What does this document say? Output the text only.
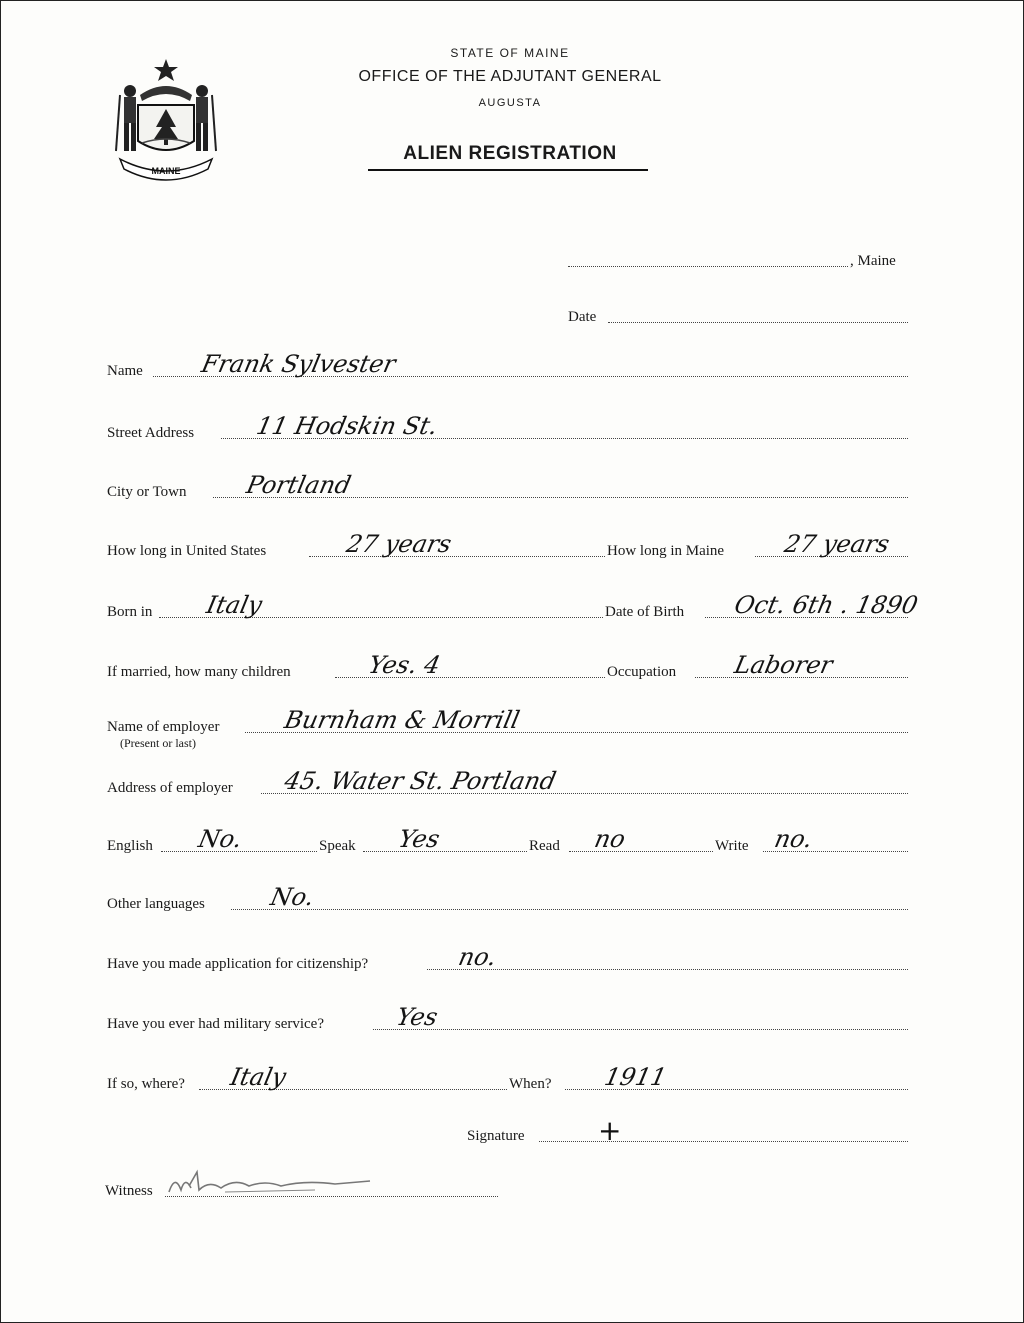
MAINE
STATE OF MAINE
OFFICE OF THE ADJUTANT GENERAL
AUGUSTA
ALIEN REGISTRATION
, Maine
Date
Name Frank Sylvester
Street Address 11 Hodskin St.
City or Town Portland
How long in United States	27 years	How long in Maine 27 years
Born in Italy	Date of Birth Oct. 6th . 1890
If married, how many children	Yes. 4	Occupation Laborer
Name of employer	Burnham & Morrill
(Present or last)
Address of employer 45. Water St. Portland
English No.	Speak Yes	Read no	Write no.
Other languages	No.
Have you made application for citizenship?	no.
Have you ever had military service?	Yes
If so, where? Italy	When? 1911
Signature	+
Witness
